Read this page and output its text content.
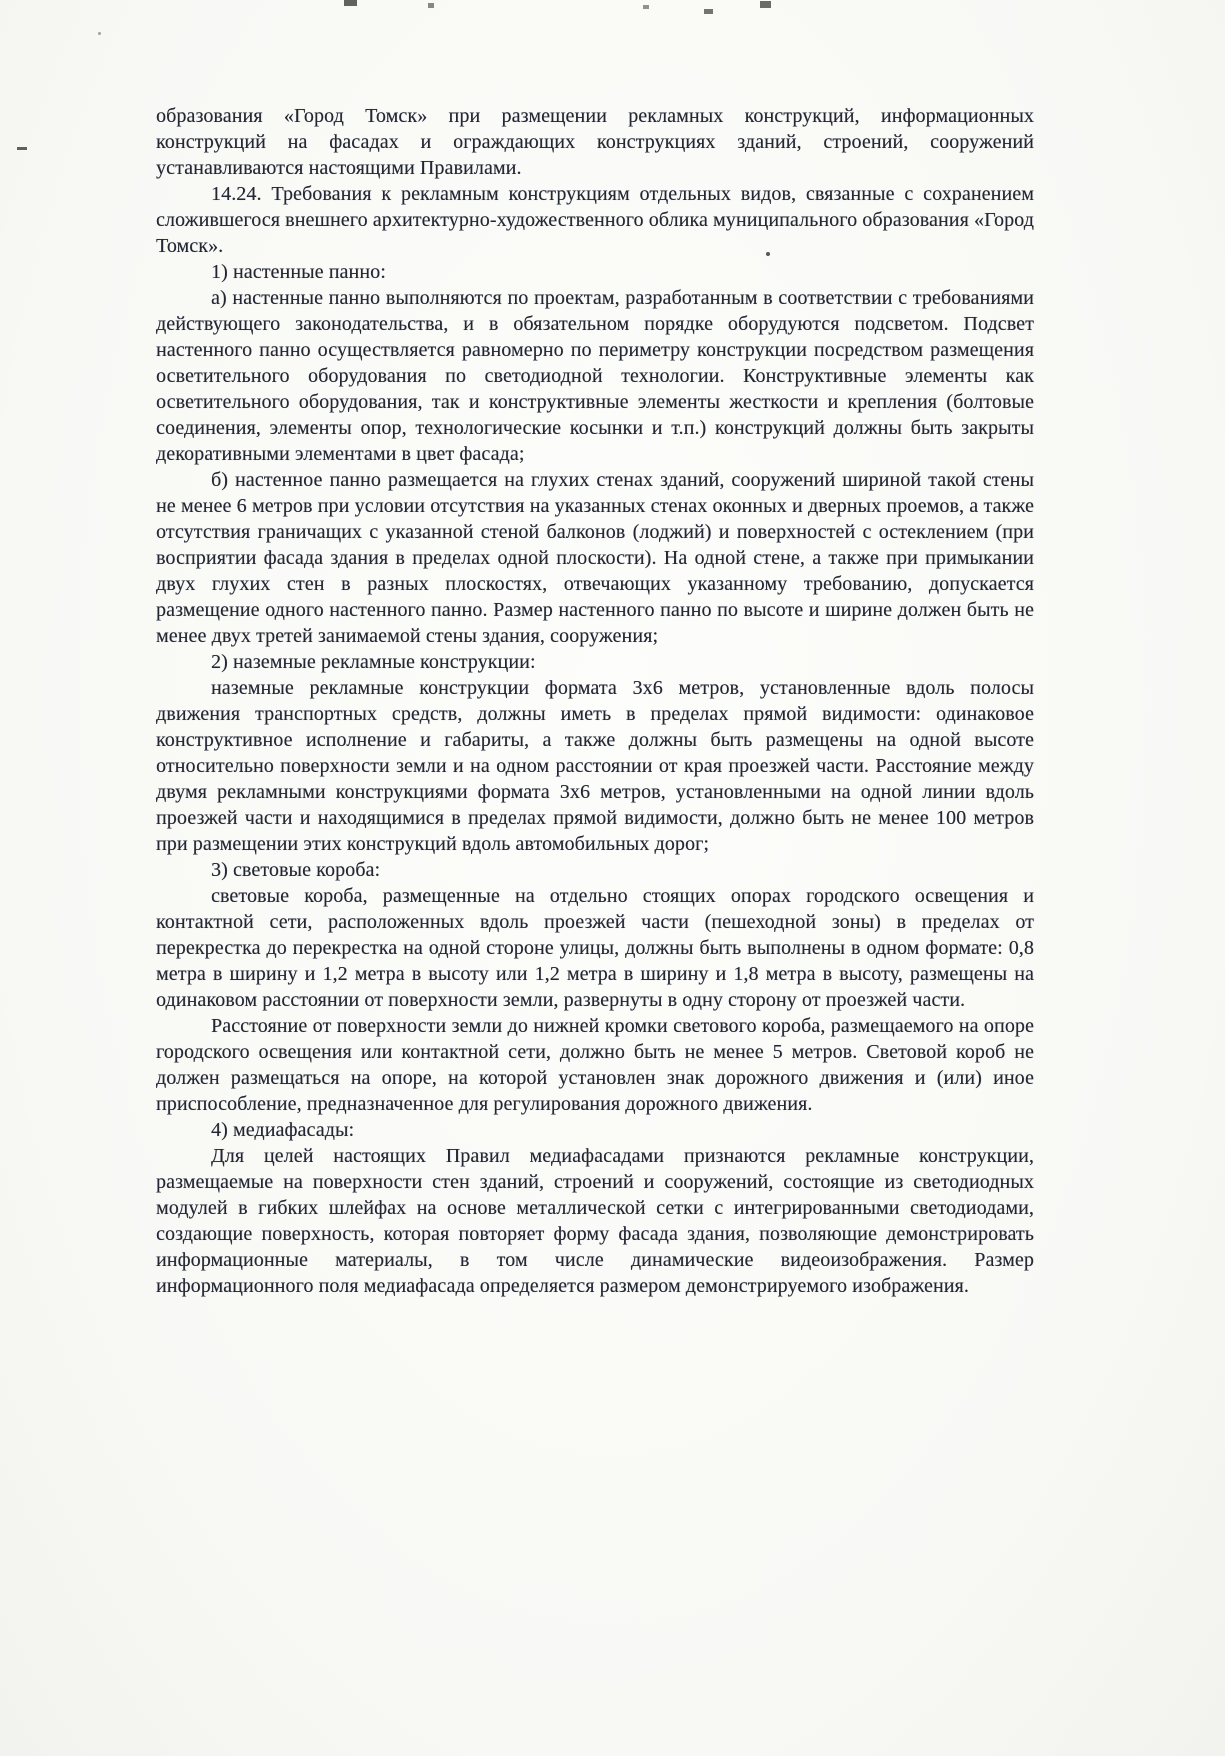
образования «Город Томск» при размещении рекламных конструкций, информационных конструкций на фасадах и ограждающих конструкциях зданий, строений, сооружений устанавливаются настоящими Правилами.

14.24. Требования к рекламным конструкциям отдельных видов, связанные с сохранением сложившегося внешнего архитектурно-художественного облика муниципального образования «Город Томск».

1) настенные панно:

а) настенные панно выполняются по проектам, разработанным в соответствии с требованиями действующего законодательства, и в обязательном порядке оборудуются подсветом. Подсвет настенного панно осуществляется равномерно по периметру конструкции посредством размещения осветительного оборудования по светодиодной технологии. Конструктивные элементы как осветительного оборудования, так и конструктивные элементы жесткости и крепления (болтовые соединения, элементы опор, технологические косынки и т.п.) конструкций должны быть закрыты декоративными элементами в цвет фасада;

б) настенное панно размещается на глухих стенах зданий, сооружений шириной такой стены не менее 6 метров при условии отсутствия на указанных стенах оконных и дверных проемов, а также отсутствия граничащих с указанной стеной балконов (лоджий) и поверхностей с остеклением (при восприятии фасада здания в пределах одной плоскости). На одной стене, а также при примыкании двух глухих стен в разных плоскостях, отвечающих указанному требованию, допускается размещение одного настенного панно. Размер настенного панно по высоте и ширине должен быть не менее двух третей занимаемой стены здания, сооружения;

2) наземные рекламные конструкции:

наземные рекламные конструкции формата 3х6 метров, установленные вдоль полосы движения транспортных средств, должны иметь в пределах прямой видимости: одинаковое конструктивное исполнение и габариты, а также должны быть размещены на одной высоте относительно поверхности земли и на одном расстоянии от края проезжей части. Расстояние между двумя рекламными конструкциями формата 3х6 метров, установленными на одной линии вдоль проезжей части и находящимися в пределах прямой видимости, должно быть не менее 100 метров при размещении этих конструкций вдоль автомобильных дорог;

3) световые короба:

световые короба, размещенные на отдельно стоящих опорах городского освещения и контактной сети, расположенных вдоль проезжей части (пешеходной зоны) в пределах от перекрестка до перекрестка на одной стороне улицы, должны быть выполнены в одном формате: 0,8 метра в ширину и 1,2 метра в высоту или 1,2 метра в ширину и 1,8 метра в высоту, размещены на одинаковом расстоянии от поверхности земли, развернуты в одну сторону от проезжей части.

Расстояние от поверхности земли до нижней кромки светового короба, размещаемого на опоре городского освещения или контактной сети, должно быть не менее 5 метров. Световой короб не должен размещаться на опоре, на которой установлен знак дорожного движения и (или) иное приспособление, предназначенное для регулирования дорожного движения.

4) медиафасады:

Для целей настоящих Правил медиафасадами признаются рекламные конструкции, размещаемые на поверхности стен зданий, строений и сооружений, состоящие из светодиодных модулей в гибких шлейфах на основе металлической сетки с интегрированными светодиодами, создающие поверхность, которая повторяет форму фасада здания, позволяющие демонстрировать информационные материалы, в том числе динамические видеоизображения. Размер информационного поля медиафасада определяется размером демонстрируемого изображения.
